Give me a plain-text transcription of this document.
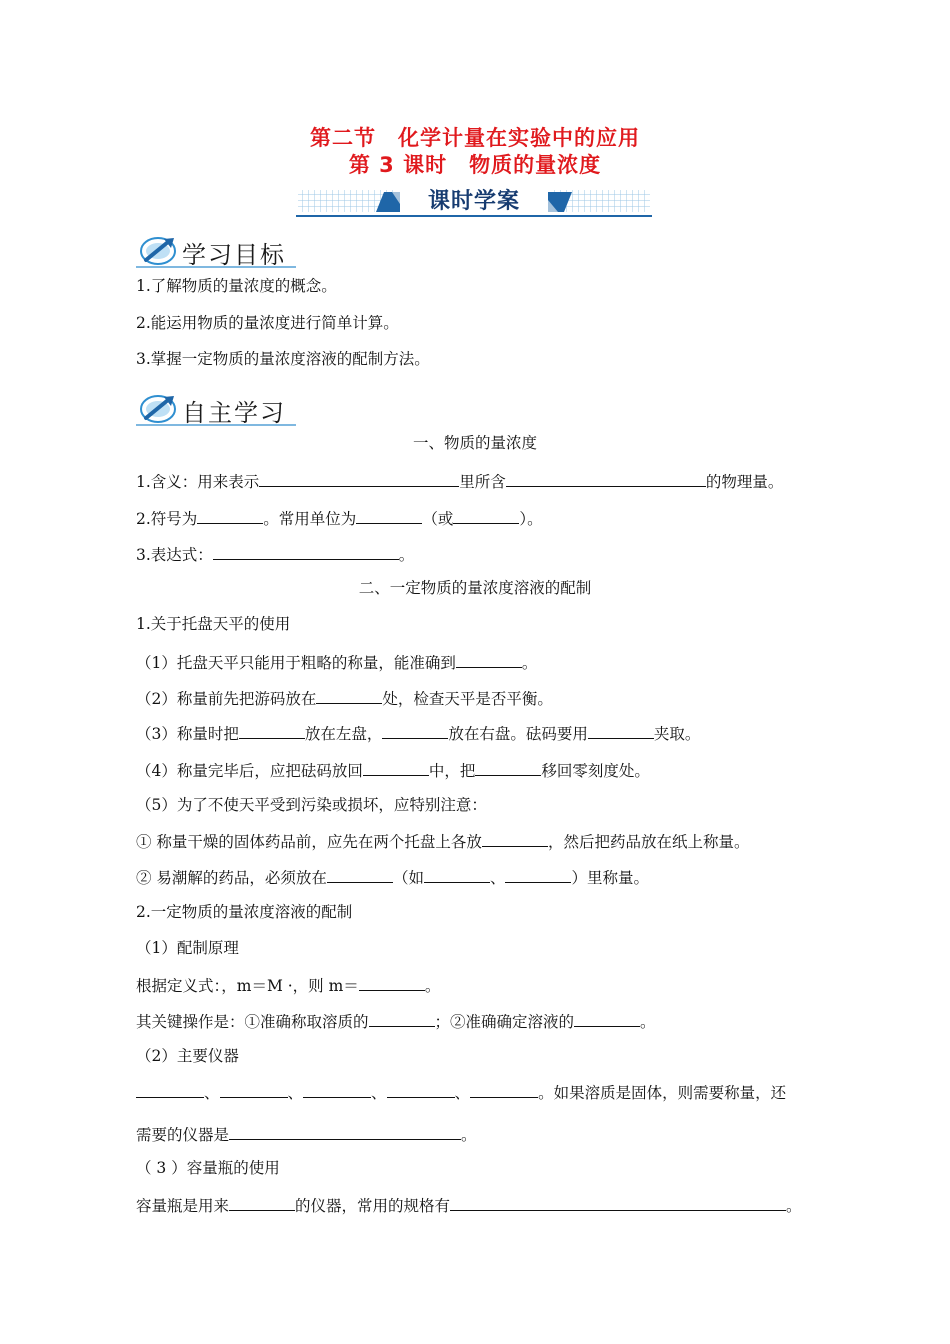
第二节　化学计量在实验中的应用
第 3 课时　物质的量浓度
课时学案
学习目标
1.了解物质的量浓度的概念。
2.能运用物质的量浓度进行简单计算。
3.掌握一定物质的量浓度溶液的配制方法。
自主学习
一、物质的量浓度
1.含义：用来表示	里所含	的物理量。
2.符号为	。常用单位为	（或	）。
3.表达式：	。
二、一定物质的量浓度溶液的配制
1.关于托盘天平的使用
（1）托盘天平只能用于粗略的称量，能准确到	。
（2）称量前先把游码放在	处，检查天平是否平衡。
（3）称量时把	放在左盘，	放在右盘。砝码要用	夹取。
（4）称量完毕后，应把砝码放回	中，把	移回零刻度处。
（5）为了不使天平受到污染或损坏，应特别注意：
① 称量干燥的固体药品前，应先在两个托盘上各放	，然后把药品放在纸上称量。
② 易潮解的药品，必须放在	（如	、	）里称量。
2.一定物质的量浓度溶液的配制
（1）配制原理
根据定义式：，m＝M ·，则 m＝	。
其关键操作是：①准确称取溶质的	；②准确确定溶液的	。
（2）主要仪器
、	、	、	、	。如果溶质是固体，则需要称量，还
需要的仪器是	。
（ 3 ）容量瓶的使用
容量瓶是用来	的仪器，常用的规格有	。
